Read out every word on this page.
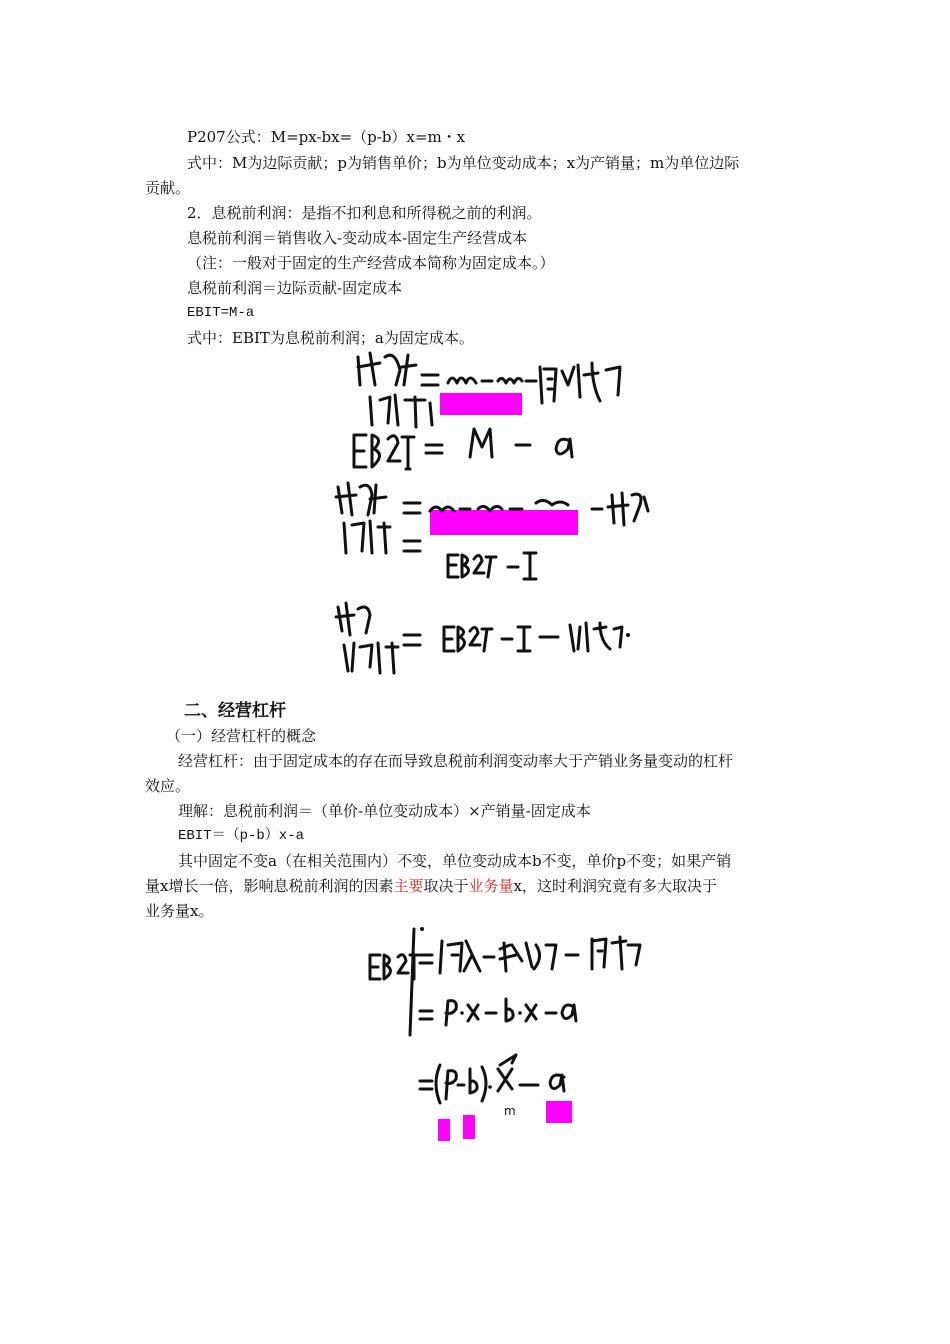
P207公式：M=px-bx=（p-b）x=m・x
式中：M为边际贡献；p为销售单价；b为单位变动成本；x为产销量；m为单位边际
贡献。
2．息税前利润：是指不扣利息和所得税之前的利润。
息税前利润＝销售收入-变动成本-固定生产经营成本
（注：一般对于固定的生产经营成本简称为固定成本。）
息税前利润＝边际贡献-固定成本
EBIT=M-a
式中：EBIT为息税前利润；a为固定成本。
二、经营杠杆
（一）经营杠杆的概念
经营杠杆：由于固定成本的存在而导致息税前利润变动率大于产销业务量变动的杠杆
效应。
理解：息税前利润＝（单价-单位变动成本）×产销量-固定成本
EBIT＝（p-b）x-a
其中固定不变a（在相关范围内）不变，单位变动成本b不变，单价p不变；如果产销
量x增长一倍，影响息税前利润的因素主要取决于业务量x，这时利润究竟有多大取决于
业务量x。
m
